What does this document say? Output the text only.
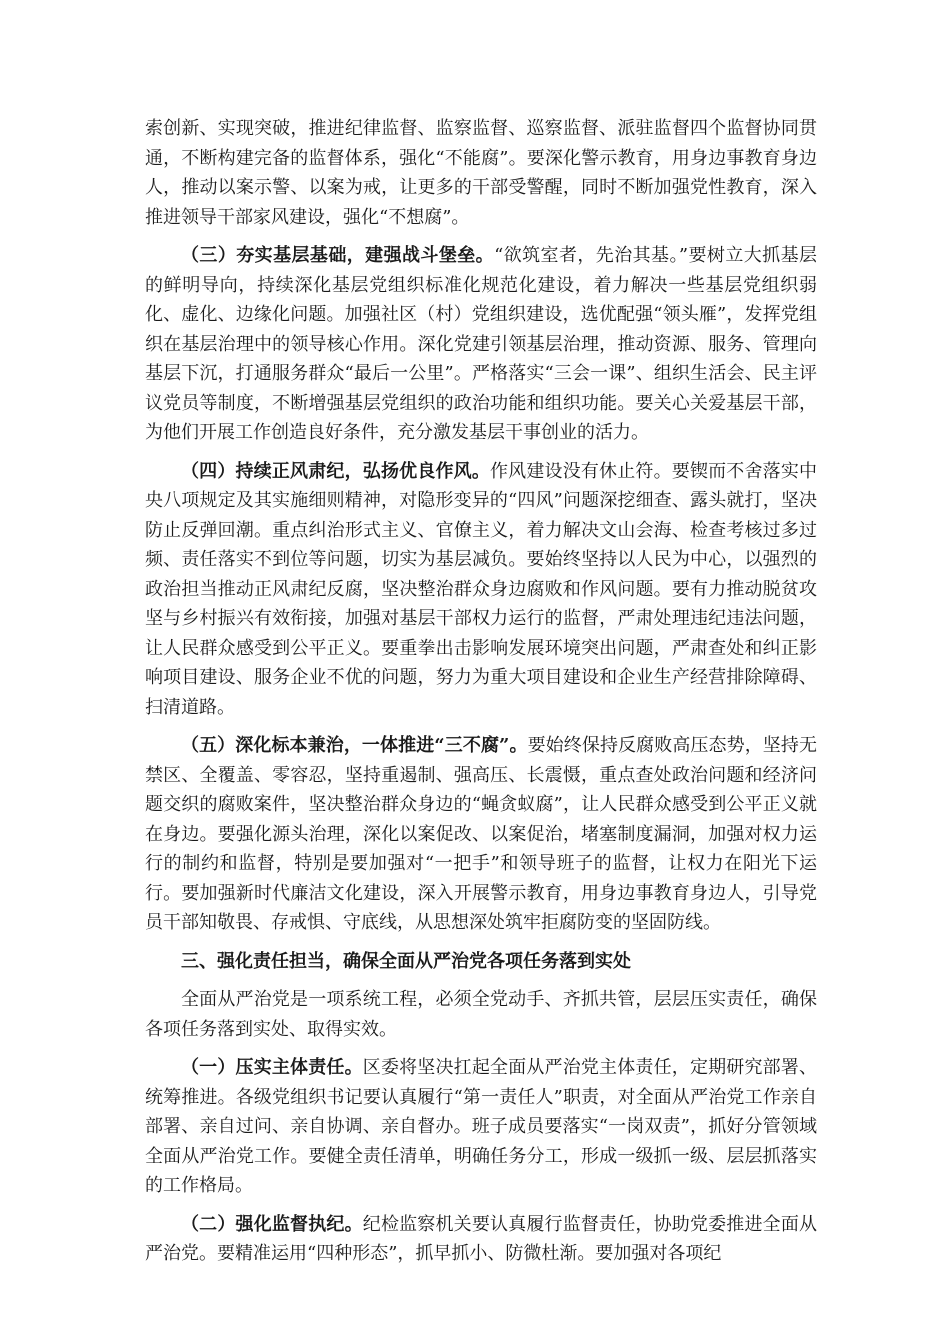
索创新、实现突破，推进纪律监督、监察监督、巡察监督、派驻监督四个监督协同贯通，不断构建完备的监督体系，强化“不能腐”。要深化警示教育，用身边事教育身边人，推动以案示警、以案为戒，让更多的干部受警醒，同时不断加强党性教育，深入推进领导干部家风建设，强化“不想腐”。

（三）夯实基层基础，建强战斗堡垒。“欲筑室者，先治其基。”要树立大抓基层的鲜明导向，持续深化基层党组织标准化规范化建设，着力解决一些基层党组织弱化、虚化、边缘化问题。加强社区（村）党组织建设，选优配强“领头雁”，发挥党组织在基层治理中的领导核心作用。深化党建引领基层治理，推动资源、服务、管理向基层下沉，打通服务群众“最后一公里”。严格落实“三会一课”、组织生活会、民主评议党员等制度，不断增强基层党组织的政治功能和组织功能。要关心关爱基层干部，为他们开展工作创造良好条件，充分激发基层干事创业的活力。

（四）持续正风肃纪，弘扬优良作风。作风建设没有休止符。要锲而不舍落实中央八项规定及其实施细则精神，对隐形变异的“四风”问题深挖细查、露头就打，坚决防止反弹回潮。重点纠治形式主义、官僚主义，着力解决文山会海、检查考核过多过频、责任落实不到位等问题，切实为基层减负。要始终坚持以人民为中心，以强烈的政治担当推动正风肃纪反腐，坚决整治群众身边腐败和作风问题。要有力推动脱贫攻坚与乡村振兴有效衔接，加强对基层干部权力运行的监督，严肃处理违纪违法问题，让人民群众感受到公平正义。要重拳出击影响发展环境突出问题，严肃查处和纠正影响项目建设、服务企业不优的问题，努力为重大项目建设和企业生产经营排除障碍、扫清道路。

（五）深化标本兼治，一体推进“三不腐”。要始终保持反腐败高压态势，坚持无禁区、全覆盖、零容忍，坚持重遏制、强高压、长震慑，重点查处政治问题和经济问题交织的腐败案件，坚决整治群众身边的“蝇贪蚁腐”，让人民群众感受到公平正义就在身边。要强化源头治理，深化以案促改、以案促治，堵塞制度漏洞，加强对权力运行的制约和监督，特别是要加强对“一把手”和领导班子的监督，让权力在阳光下运行。要加强新时代廉洁文化建设，深入开展警示教育，用身边事教育身边人，引导党员干部知敬畏、存戒惧、守底线，从思想深处筑牢拒腐防变的坚固防线。

三、强化责任担当，确保全面从严治党各项任务落到实处

全面从严治党是一项系统工程，必须全党动手、齐抓共管，层层压实责任，确保各项任务落到实处、取得实效。

（一）压实主体责任。区委将坚决扛起全面从严治党主体责任，定期研究部署、统筹推进。各级党组织书记要认真履行“第一责任人”职责，对全面从严治党工作亲自部署、亲自过问、亲自协调、亲自督办。班子成员要落实“一岗双责”，抓好分管领域全面从严治党工作。要健全责任清单，明确任务分工，形成一级抓一级、层层抓落实的工作格局。

（二）强化监督执纪。纪检监察机关要认真履行监督责任，协助党委推进全面从严治党。要精准运用“四种形态”，抓早抓小、防微杜渐。要加强对各项纪
